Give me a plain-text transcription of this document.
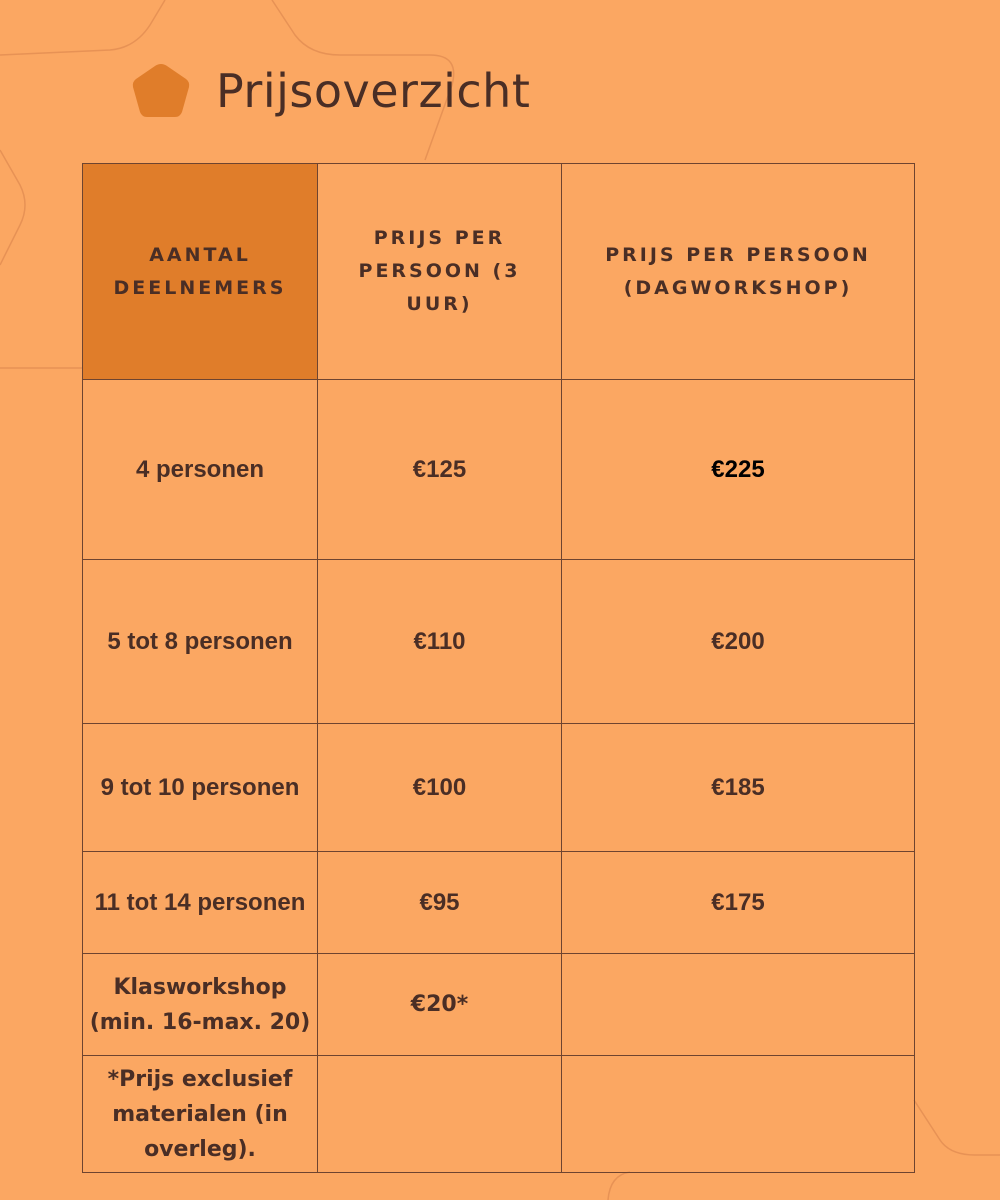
Prijsoverzicht
AANTAL DEELNEMERS	PRIJS PER PERSOON (3 UUR)	PRIJS PER PERSOON (DAGWORKSHOP)
4 personen	€125	€225
5 tot 8 personen	€110	€200
9 tot 10 personen	€100	€185
11 tot 14 personen	€95	€175
Klasworkshop (min. 16-max. 20)	€20*	
*Prijs exclusief materialen (in overleg).		
